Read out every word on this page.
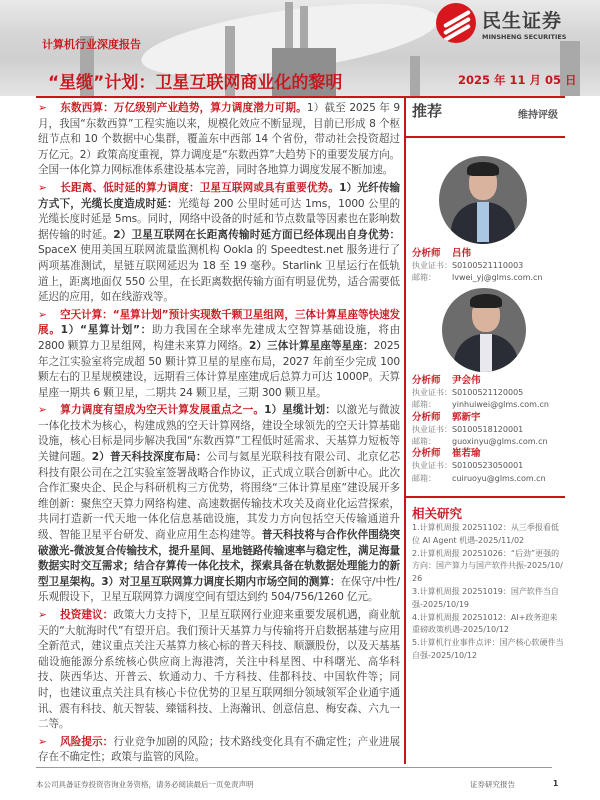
计算机行业深度报告
“星缆”计划：卫星互联网商业化的黎明	2025 年 11 月 05 日
民生证券
MINSHENG SECURITIES

➢ 东数西算：万亿级别产业趋势，算力调度潜力可期。1）截至 2025 年 9 月，我国“东数西算”工程实施以来，规模化效应不断显现，目前已形成 8 个枢纽节点和 10 个数据中心集群，覆盖东中西部 14 个省份，带动社会投资超过万亿元。2）政策高度重视，算力调度是“东数西算”大趋势下的重要发展方向。全国一体化算力网标准体系建设基本完善，同时各地算力调度发展不断加速。

➢ 长距离、低时延的算力调度：卫星互联网或具有重要优势。1）光纤传输方式下，光缆长度造成时延：光缆每 200 公里时延可达 1ms，1000 公里的光缆长度时延是 5ms。同时，网络中设备的时延和节点数量等因素也在影响数据传输的时延。2）卫星互联网在长距离传输时延方面已经体现出自身优势：SpaceX 使用美国互联网流量监测机构 Ookla 的 Speedtest.net 服务进行了两项基准测试，星链互联网延迟为 18 至 19 毫秒。Starlink 卫星运行在低轨道上，距离地面仅 550 公里，在长距离数据传输方面有明显优势，适合需要低延迟的应用，如在线游戏等。

➢ 空天计算：“星算计划”预计实现数千颗卫星组网，三体计算星座等快速发展。1）“星算计划”：助力我国在全球率先建成太空智算基础设施，将由 2800 颗算力卫星组网，构建未来算力网络。2）三体计算星座等星座：2025 年之江实验室将完成超 50 颗计算卫星的星座布局，2027 年前至少完成 100 颗左右的卫星规模建设，远期看三体计算星座建成后总算力可达 1000P。天算星座一期共 6 颗卫星，二期共 24 颗卫星，三期 300 颗卫星。

➢ 算力调度有望成为空天计算发展重点之一。1）星缆计划：以激光与微波一体化技术为核心，构建成熟的空天计算网络，建设全球领先的空天计算基础设施，核心目标是同步解决我国“东数西算”工程低时延需求、天基算力短板等关键问题。2）普天科技深度布局：公司与氦星光联科技有限公司、北京亿芯科技有限公司在之江实验室签署战略合作协议，正式成立联合创新中心。此次合作汇聚央企、民企与科研机构三方优势，将围绕“三体计算星座”建设展开多维创新：聚焦空天算力网络构建、高速数据传输技术攻关及商业化运营探索，共同打造新一代天地一体化信息基础设施，其发力方向包括空天传输通道升级、智能卫星平台研发、商业应用生态构建等。普天科技将与合作伙伴围绕突破激光-微波复合传输技术，提升星间、星地链路传输速率与稳定性，满足海量数据实时交互需求；结合存算传一体化技术，探索具备在轨数据处理能力的新型卫星架构。3）对卫星互联网算力调度长期内市场空间的测算：在保守/中性/乐观假设下，卫星互联网算力调度空间有望达到约 504/756/1260 亿元。

➢ 投资建议：政策大力支持下，卫星互联网行业迎来重要发展机遇，商业航天的“大航海时代”有望开启。我们预计天基算力与传输将开启数据基建与应用全新范式，建议重点关注天基算力核心标的普天科技、顺灏股份，以及天基基础设施能源分系统核心供应商上海港湾，关注中科星图、中科曙光、高华科技、陕西华达、开普云、软通动力、千方科技、佳都科技、中国软件等；同时，也建议重点关注具有核心卡位优势的卫星互联网细分领域领军企业通宇通讯、震有科技、航天智装、臻镭科技、上海瀚讯、创意信息、梅安森、六九一二等。

➢ 风险提示：行业竞争加剧的风险；技术路线变化具有不确定性；产业进展存在不确定性；政策与监管的风险。

推荐	维持评级
分析师 吕伟
执业证书：S0100521110003
邮箱： lvwei_yj@glms.com.cn
分析师 尹会伟
执业证书：S0100521120005
邮箱： yinhuiwei@glms.com.cn
分析师 郭新宇
执业证书：S0100518120001
邮箱： guoxinyu@glms.com.cn
分析师 崔若瑜
执业证书：S0100523050001
邮箱： cuiruoyu@glms.com.cn
相关研究
1.计算机周报 20251102：从三季报看低位 AI Agent 机遇-2025/11/02
2.计算机周报 20251026：“后劲”更强的方向：国产算力与国产软件共振-2025/10/26
3.计算机周报 20251019：国产软件当自强-2025/10/19
4.计算机周报 20251012：AI+政务迎来重磅政策机遇-2025/10/12
5.计算机行业事件点评：国产核心软硬件当自强-2025/10/12
本公司具备证券投资咨询业务资格，请务必阅读最后一页免责声明	证券研究报告	1
